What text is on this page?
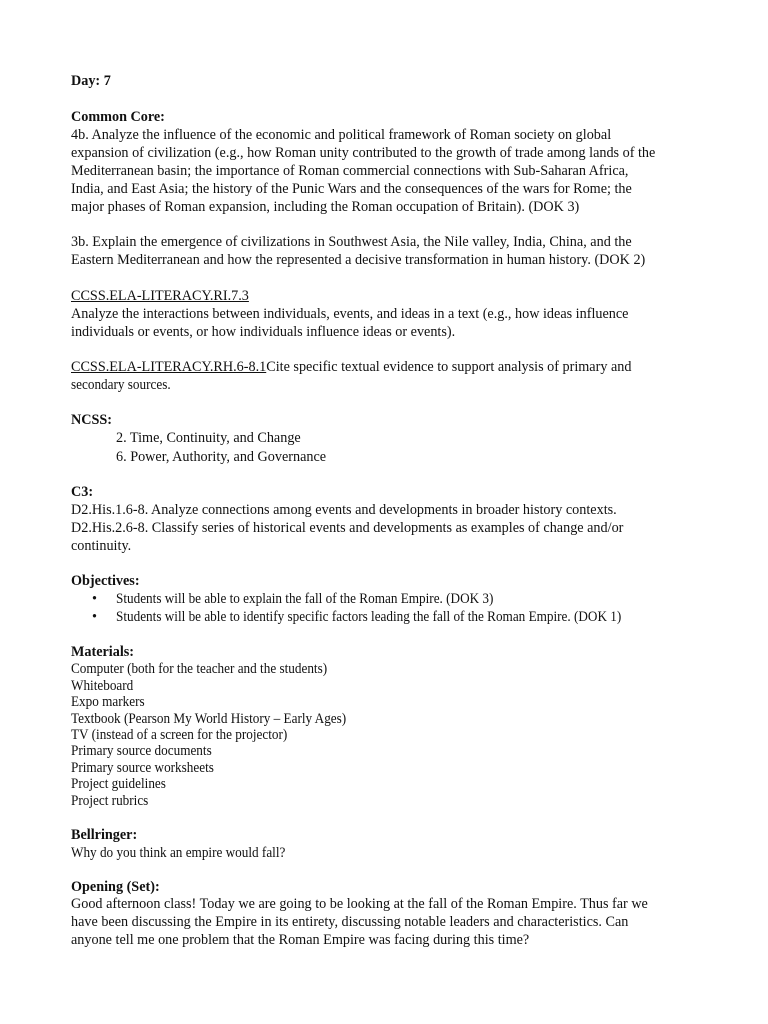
Day: 7
Common Core:
4b. Analyze the influence of the economic and political framework of Roman society on global
expansion of civilization (e.g., how Roman unity contributed to the growth of trade among lands of the
Mediterranean basin; the importance of Roman commercial connections with Sub-Saharan Africa,
India, and East Asia; the history of the Punic Wars and the consequences of the wars for Rome; the
major phases of Roman expansion, including the Roman occupation of Britain). (DOK 3)
3b. Explain the emergence of civilizations in Southwest Asia, the Nile valley, India, China, and the
Eastern Mediterranean and how the represented a decisive transformation in human history. (DOK 2)
CCSS.ELA-LITERACY.RI.7.3
Analyze the interactions between individuals, events, and ideas in a text (e.g., how ideas influence
individuals or events, or how individuals influence ideas or events).
CCSS.ELA-LITERACY.RH.6-8.1Cite specific textual evidence to support analysis of primary and
secondary sources.
NCSS:
2. Time, Continuity, and Change
6. Power, Authority, and Governance
C3:
D2.His.1.6-8. Analyze connections among events and developments in broader history contexts.
D2.His.2.6-8. Classify series of historical events and developments as examples of change and/or
continuity.
Objectives:
• Students will be able to explain the fall of the Roman Empire. (DOK 3)
• Students will be able to identify specific factors leading the fall of the Roman Empire. (DOK 1)
Materials:
Computer (both for the teacher and the students)
Whiteboard
Expo markers
Textbook (Pearson My World History – Early Ages)
TV (instead of a screen for the projector)
Primary source documents
Primary source worksheets
Project guidelines
Project rubrics
Bellringer:
Why do you think an empire would fall?
Opening (Set):
Good afternoon class! Today we are going to be looking at the fall of the Roman Empire. Thus far we
have been discussing the Empire in its entirety, discussing notable leaders and characteristics. Can
anyone tell me one problem that the Roman Empire was facing during this time?
